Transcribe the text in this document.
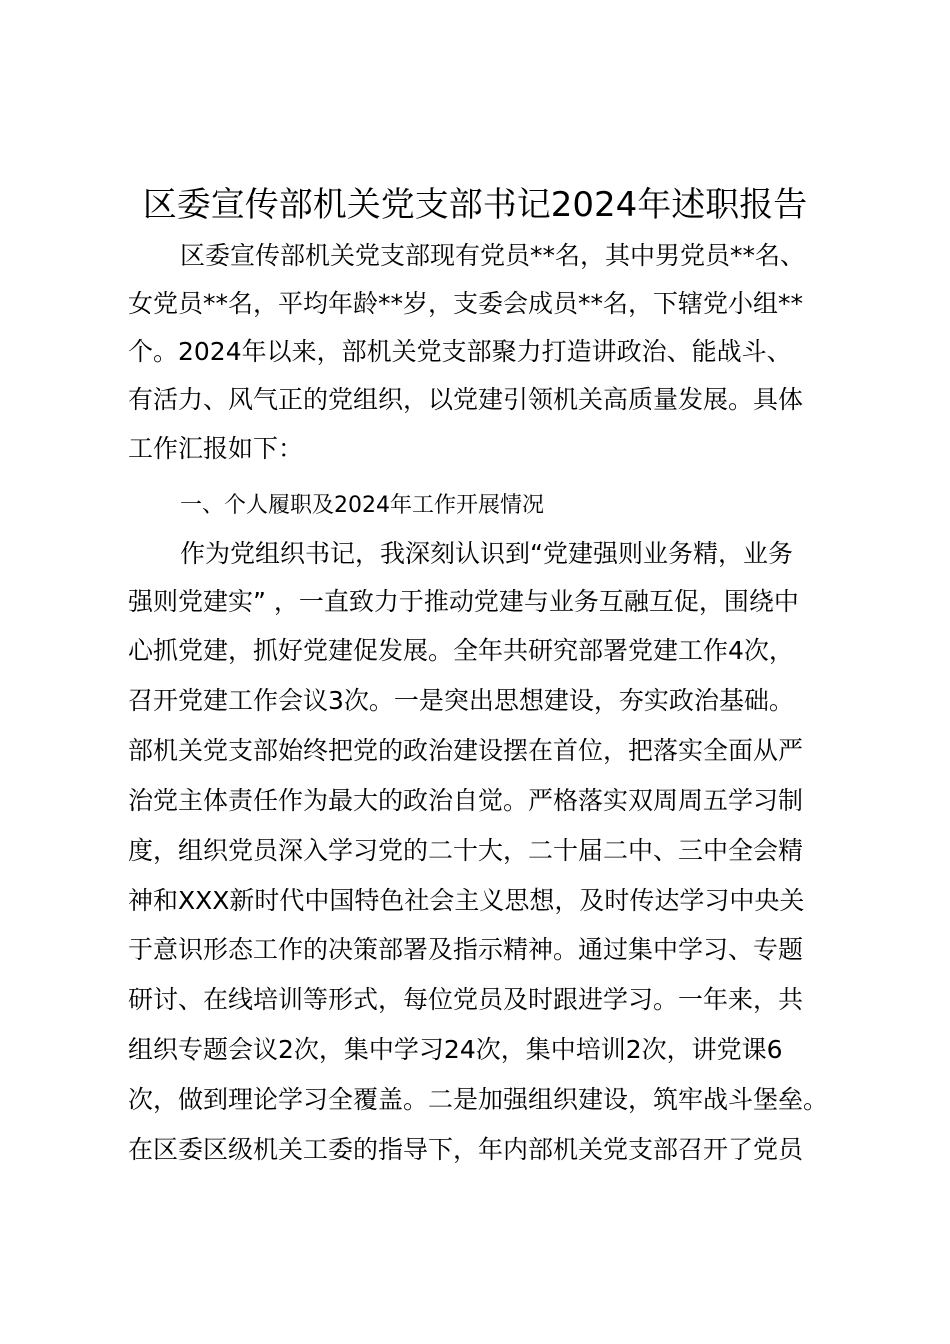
区委宣传部机关党支部书记2024年述职报告
区委宣传部机关党支部现有党员**名，其中男党员**名、
女党员**名，平均年龄**岁，支委会成员**名，下辖党小组**
个。2024年以来，部机关党支部聚力打造讲政治、能战斗、
有活力、风气正的党组织，以党建引领机关高质量发展。具体
工作汇报如下：
一、个人履职及2024年工作开展情况
作为党组织书记，我深刻认识到“党建强则业务精，业务
强则党建实” ，一直致力于推动党建与业务互融互促，围绕中
心抓党建，抓好党建促发展。全年共研究部署党建工作4次，
召开党建工作会议3次。一是突出思想建设，夯实政治基础。
部机关党支部始终把党的政治建设摆在首位，把落实全面从严
治党主体责任作为最大的政治自觉。严格落实双周周五学习制
度，组织党员深入学习党的二十大，二十届二中、三中全会精
神和XXX新时代中国特色社会主义思想，及时传达学习中央关
于意识形态工作的决策部署及指示精神。通过集中学习、专题
研讨、在线培训等形式，每位党员及时跟进学习。一年来，共
组织专题会议2次，集中学习24次，集中培训2次，讲党课6
次，做到理论学习全覆盖。二是加强组织建设，筑牢战斗堡垒。
在区委区级机关工委的指导下，年内部机关党支部召开了党员
